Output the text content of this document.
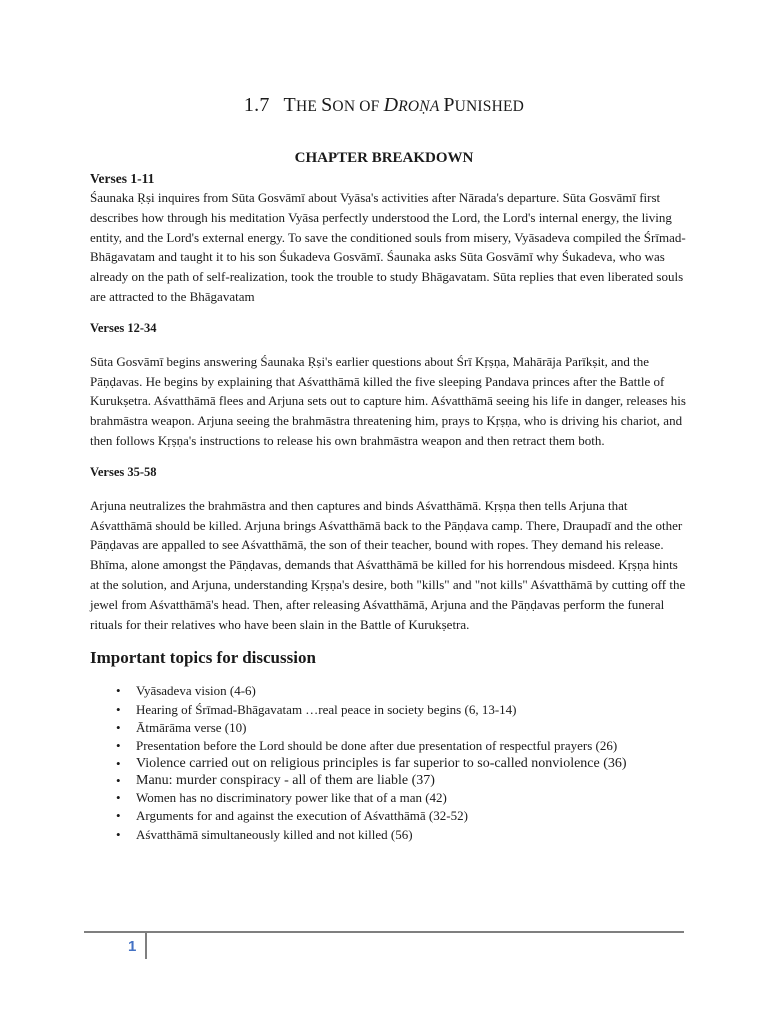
1.7 THE SON OF DROṆA PUNISHED
CHAPTER BREAKDOWN

Verses 1-11

Śaunaka Ṛṣi inquires from Sūta Gosvāmī about Vyāsa's activities after Nārada's departure. Sūta Gosvāmī first describes how through his meditation Vyāsa perfectly understood the Lord, the Lord's internal energy, the living entity, and the Lord's external energy. To save the conditioned souls from misery, Vyāsadeva compiled the Śrīmad-Bhāgavatam and taught it to his son Śukadeva Gosvāmī. Śaunaka asks Sūta Gosvāmī why Śukadeva, who was already on the path of self-realization, took the trouble to study Bhāgavatam. Sūta replies that even liberated souls are attracted to the Bhāgavatam

Verses 12-34

Sūta Gosvāmī begins answering Śaunaka Ṛṣi's earlier questions about Śrī Kṛṣṇa, Mahārāja Parīkṣit, and the Pāṇḍavas. He begins by explaining that Aśvatthāmā killed the five sleeping Pandava princes after the Battle of Kurukṣetra. Aśvatthāmā flees and Arjuna sets out to capture him. Aśvatthāmā seeing his life in danger, releases his brahmāstra weapon. Arjuna seeing the brahmāstra threatening him, prays to Kṛṣṇa, who is driving his chariot, and then follows Kṛṣṇa's instructions to release his own brahmāstra weapon and then retract them both.

Verses 35-58

Arjuna neutralizes the brahmāstra and then captures and binds Aśvatthāmā. Kṛṣṇa then tells Arjuna that Aśvatthāmā should be killed. Arjuna brings Aśvatthāmā back to the Pāṇḍava camp. There, Draupadī and the other Pāṇḍavas are appalled to see Aśvatthāmā, the son of their teacher, bound with ropes. They demand his release. Bhīma, alone amongst the Pāṇḍavas, demands that Aśvatthāmā be killed for his horrendous misdeed. Kṛṣṇa hints at the solution, and Arjuna, understanding Kṛṣṇa's desire, both "kills" and "not kills" Aśvatthāmā by cutting off the jewel from Aśvatthāmā's head. Then, after releasing Aśvatthāmā, Arjuna and the Pāṇḍavas perform the funeral rituals for their relatives who have been slain in the Battle of Kurukṣetra.

Important topics for discussion
• Vyāsadeva vision (4-6)
• Hearing of Śrīmad-Bhāgavatam …real peace in society begins (6, 13-14)
• Ātmārāma verse (10)
• Presentation before the Lord should be done after due presentation of respectful prayers (26)
• Violence carried out on religious principles is far superior to so-called nonviolence (36)
• Manu: murder conspiracy - all of them are liable (37)
• Women has no discriminatory power like that of a man (42)
• Arguments for and against the execution of Aśvatthāmā (32-52)
• Aśvatthāmā simultaneously killed and not killed (56)
1
